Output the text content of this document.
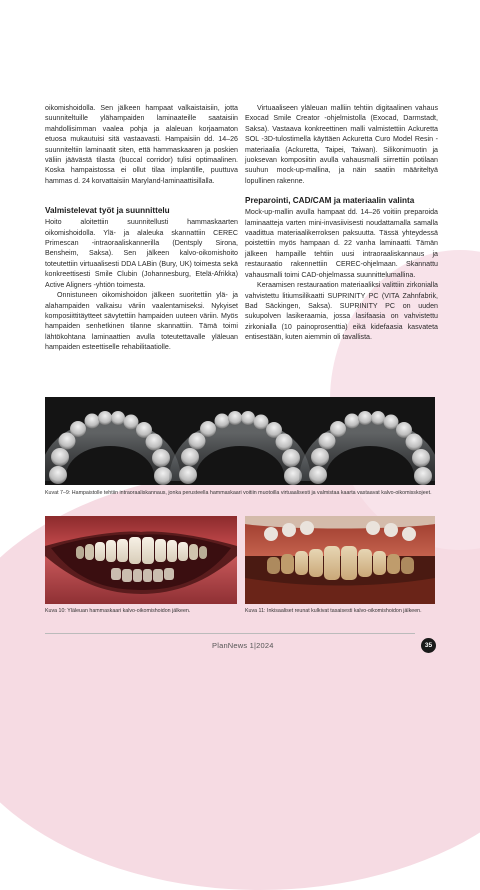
oikomishoidolla. Sen jälkeen hampaat valkaistaisiin, jotta suunniteltuille ylähampaiden laminaateille saataisiin mahdollisimman vaalea pohja ja alaleuan korjaamaton etuosa mukautuisi sitä vastaavasti. Hampaisiin dd. 14–26 suunniteltiin laminaatit siten, että hammaskaaren ja poskien väliin jäävästä tilasta (buccal corridor) tulisi optimaalinen. Koska hampaistossa ei ollut tilaa implantille, puuttuva hammas d. 24 korvattaisiin Maryland-laminaattisillalla.

Valmistelevat työt ja suunnittelu

Hoito aloitettiin suunnitellusti hammaskaarten oikomishoidolla. Ylä- ja alaleuka skannattiin CEREC Primescan -intraoraaliskannerilla (Dentsply Sirona, Bensheim, Saksa). Sen jälkeen kalvo-oikomishoito toteutettiin virtuaalisesti DDA LABin (Bury, UK) toimesta sekä konkreettisesti Smile Clubin (Johannesburg, Etelä-Afrikka) Active Aligners -yhtiön toimesta.

Onnistuneen oikomishoidon jälkeen suoritettiin ylä- ja alahampaiden valkaisu väriin vaalentamiseksi. Nykyiset komposiittitäytteet sävytettiin hampaiden uuteen väriin. Myös hampaiden senhetkinen tilanne skannattiin. Tämä toimi lähtökohtana laminaattien avulla toteutettavalle yläleuan hampaiden esteettiselle rehabilitaatiolle.

Virtuaaliseen yläleuan malliin tehtiin digitaalinen vahaus Exocad Smile Creator -ohjelmistolla (Exocad, Darmstadt, Saksa). Vastaava konkreettinen malli valmistettiin Ackuretta SOL -3D-tulostimella käyttäen Ackuretta Curo Model Resin -materiaalia (Ackuretta, Taipei, Taiwan). Silikonimuotin ja juoksevan komposiitin avulla vahausmalli siirrettiin potilaan suuhun mock-up-mallina, ja näin saatiin määriteltyä lopullinen rakenne.

Preparointi, CAD/CAM ja materiaalin valinta

Mock-up-mallin avulla hampaat dd. 14–26 voitiin preparoida laminaatteja varten mini-invasiivisesti noudattamalla samalla vaadittua materiaalikerroksen paksuutta. Tässä yhteydessä poistettiin myös hampaan d. 22 vanha laminaatti. Tämän jälkeen hampaille tehtiin uusi intraoraaliskannaus ja restauraatio rakennettiin CEREC-ohjelmaan. Skannattu vahausmalli toimi CAD-ohjelmassa suunnittelumallina.

Keraamisen restauraation materiaaliksi valittiin zirkonialla vahvistettu litiumsilikaatti SUPRINITY PC (VITA Zahnfabrik, Bad Säckingen, Saksa). SUPRINITY PC on uuden sukupolven lasikeraamia, jossa lasifaasia on vahvistettu zirkonialla (10 painoprosenttia) eikä kidefaasia kasvateta entisestään, kuten aiemmin oli tavallista.

Kuvat 7–9: Hampaistolle tehtiin intraoraaliskannaus, jonka perusteella hammaskaari voitiin muotoilla virtuaalisesti ja valmistaa kaarta vastaavat kalvo-oikomisskojeet.
Kuva 10: Yläleuan hammaskaari kalvo-oikomishoidon jälkeen.	Kuva 11: Inkisaaliset reunat kulkivat tasaisesti kalvo-oikomishoidon jälkeen.
PlanNews 1|2024	35
